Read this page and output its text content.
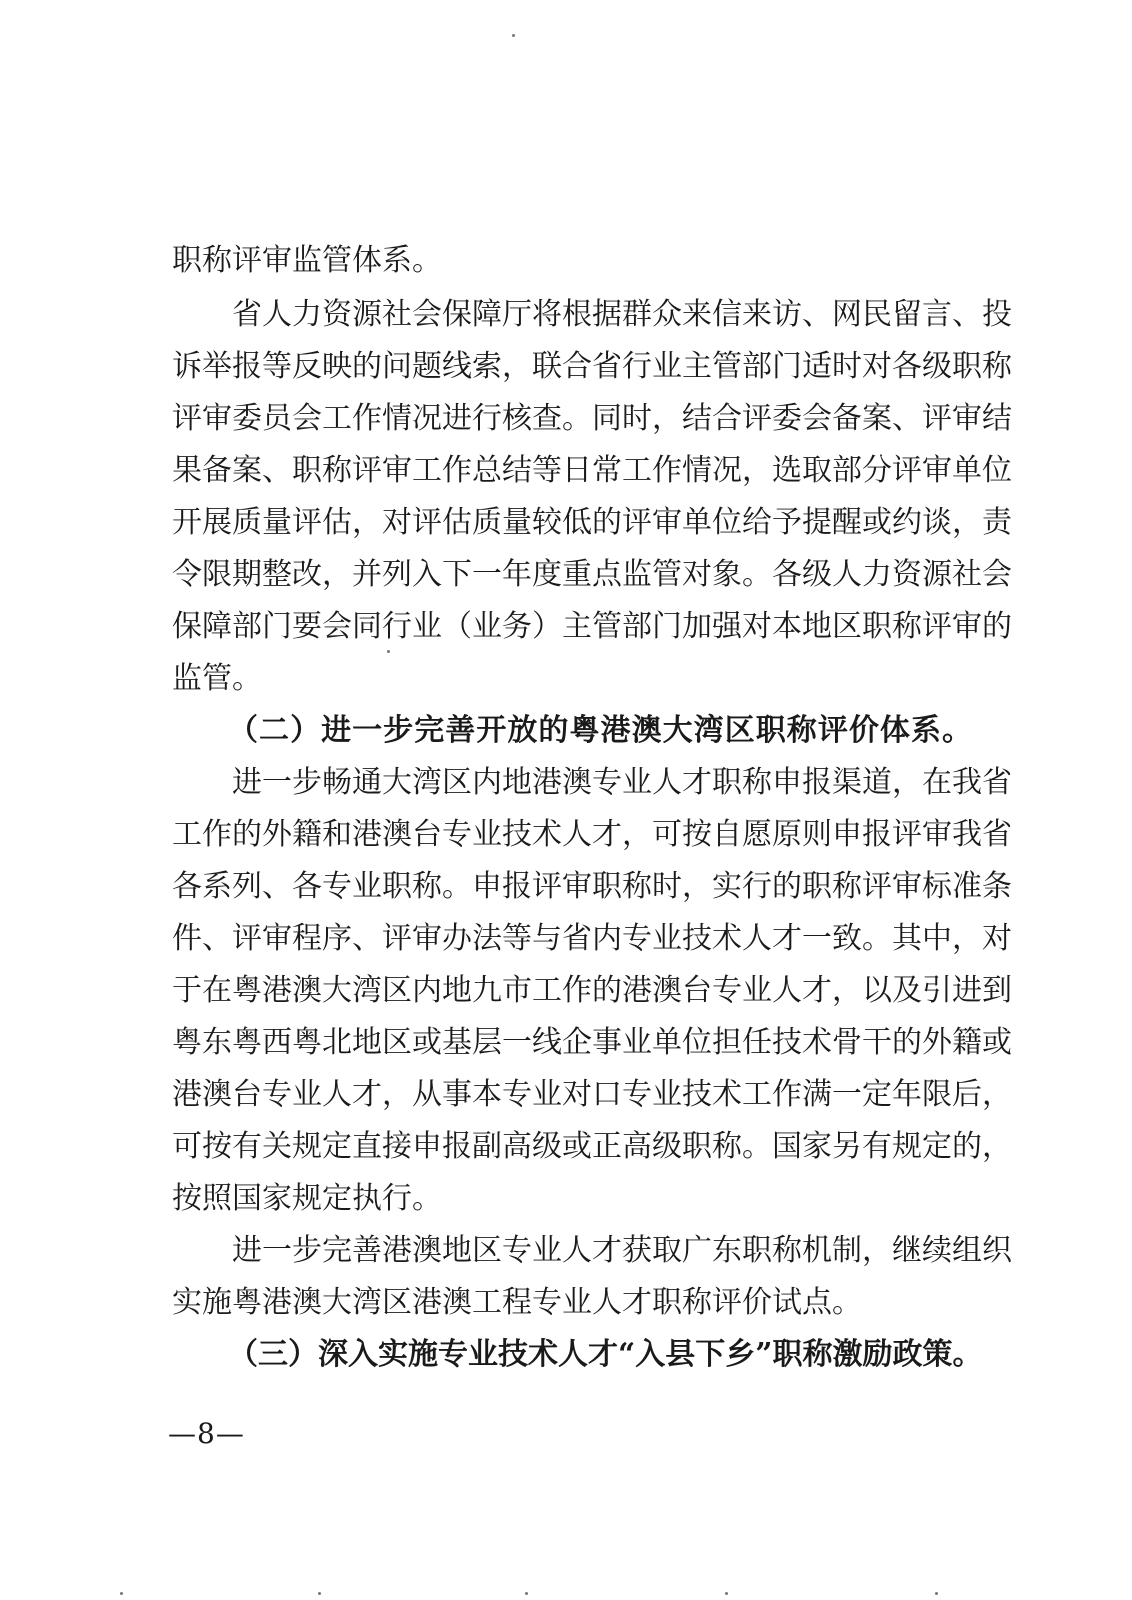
职称评审监管体系。
省人力资源社会保障厅将根据群众来信来访、网民留言、投
诉举报等反映的问题线索，联合省行业主管部门适时对各级职称
评审委员会工作情况进行核查。同时，结合评委会备案、评审结
果备案、职称评审工作总结等日常工作情况，选取部分评审单位
开展质量评估，对评估质量较低的评审单位给予提醒或约谈，责
令限期整改，并列入下一年度重点监管对象。各级人力资源社会
保障部门要会同行业（业务）主管部门加强对本地区职称评审的
监管。
（二）进一步完善开放的粤港澳大湾区职称评价体系。
进一步畅通大湾区内地港澳专业人才职称申报渠道，在我省
工作的外籍和港澳台专业技术人才，可按自愿原则申报评审我省
各系列、各专业职称。申报评审职称时，实行的职称评审标准条
件、评审程序、评审办法等与省内专业技术人才一致。其中，对
于在粤港澳大湾区内地九市工作的港澳台专业人才，以及引进到
粤东粤西粤北地区或基层一线企事业单位担任技术骨干的外籍或
港澳台专业人才，从事本专业对口专业技术工作满一定年限后，
可按有关规定直接申报副高级或正高级职称。国家另有规定的，
按照国家规定执行。
进一步完善港澳地区专业人才获取广东职称机制，继续组织
实施粤港澳大湾区港澳工程专业人才职称评价试点。
（三）深入实施专业技术人才“入县下乡”职称激励政策。
—8—
